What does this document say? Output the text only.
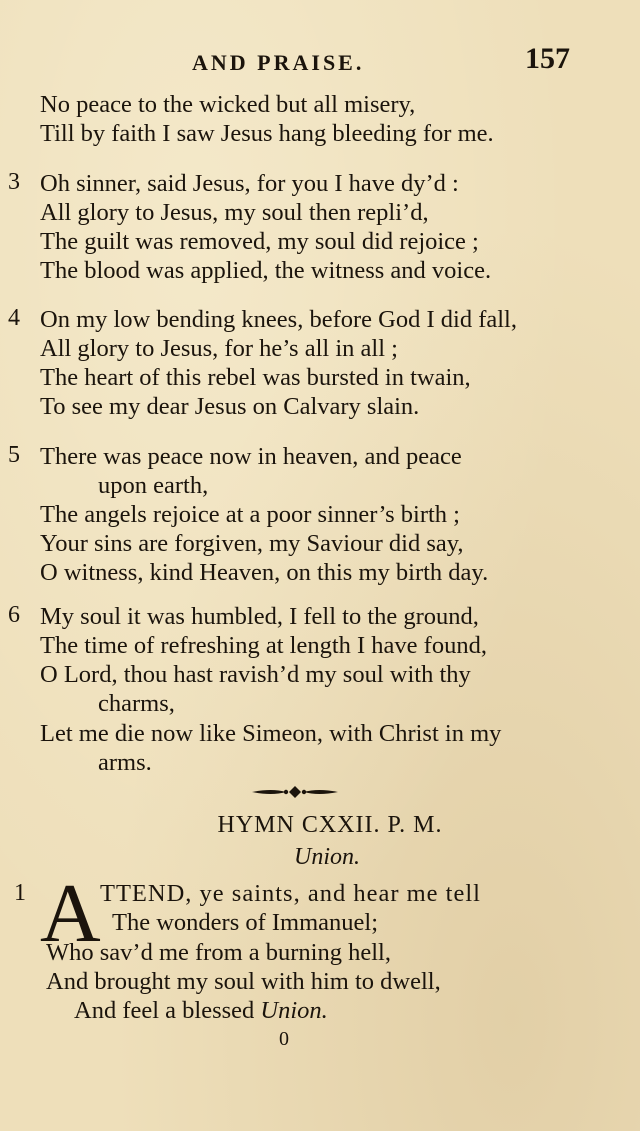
AND PRAISE.	157
No peace to the wicked but all misery,
Till by faith I saw Jesus hang bleeding for me.
3 Oh sinner, said Jesus, for you I have dy’d :
All glory to Jesus, my soul then repli’d,
The guilt was removed, my soul did rejoice ;
The blood was applied, the witness and voice.
4 On my low bending knees, before God I did fall,
All glory to Jesus, for he’s all in all ;
The heart of this rebel was bursted in twain,
To see my dear Jesus on Calvary slain.
5 There was peace now in heaven, and peace
upon earth,
The angels rejoice at a poor sinner’s birth ;
Your sins are forgiven, my Saviour did say,
O witness, kind Heaven, on this my birth day.
6 My soul it was humbled, I fell to the ground,
The time of refreshing at length I have found,
O Lord, thou hast ravish’d my soul with thy
charms,
Let me die now like Simeon, with Christ in my
arms.
HYMN CXXII. P. M.
Union.
1 A TTEND, ye saints, and hear me tell
The wonders of Immanuel;
Who sav’d me from a burning hell,
And brought my soul with him to dwell,
And feel a blessed Union.
0
